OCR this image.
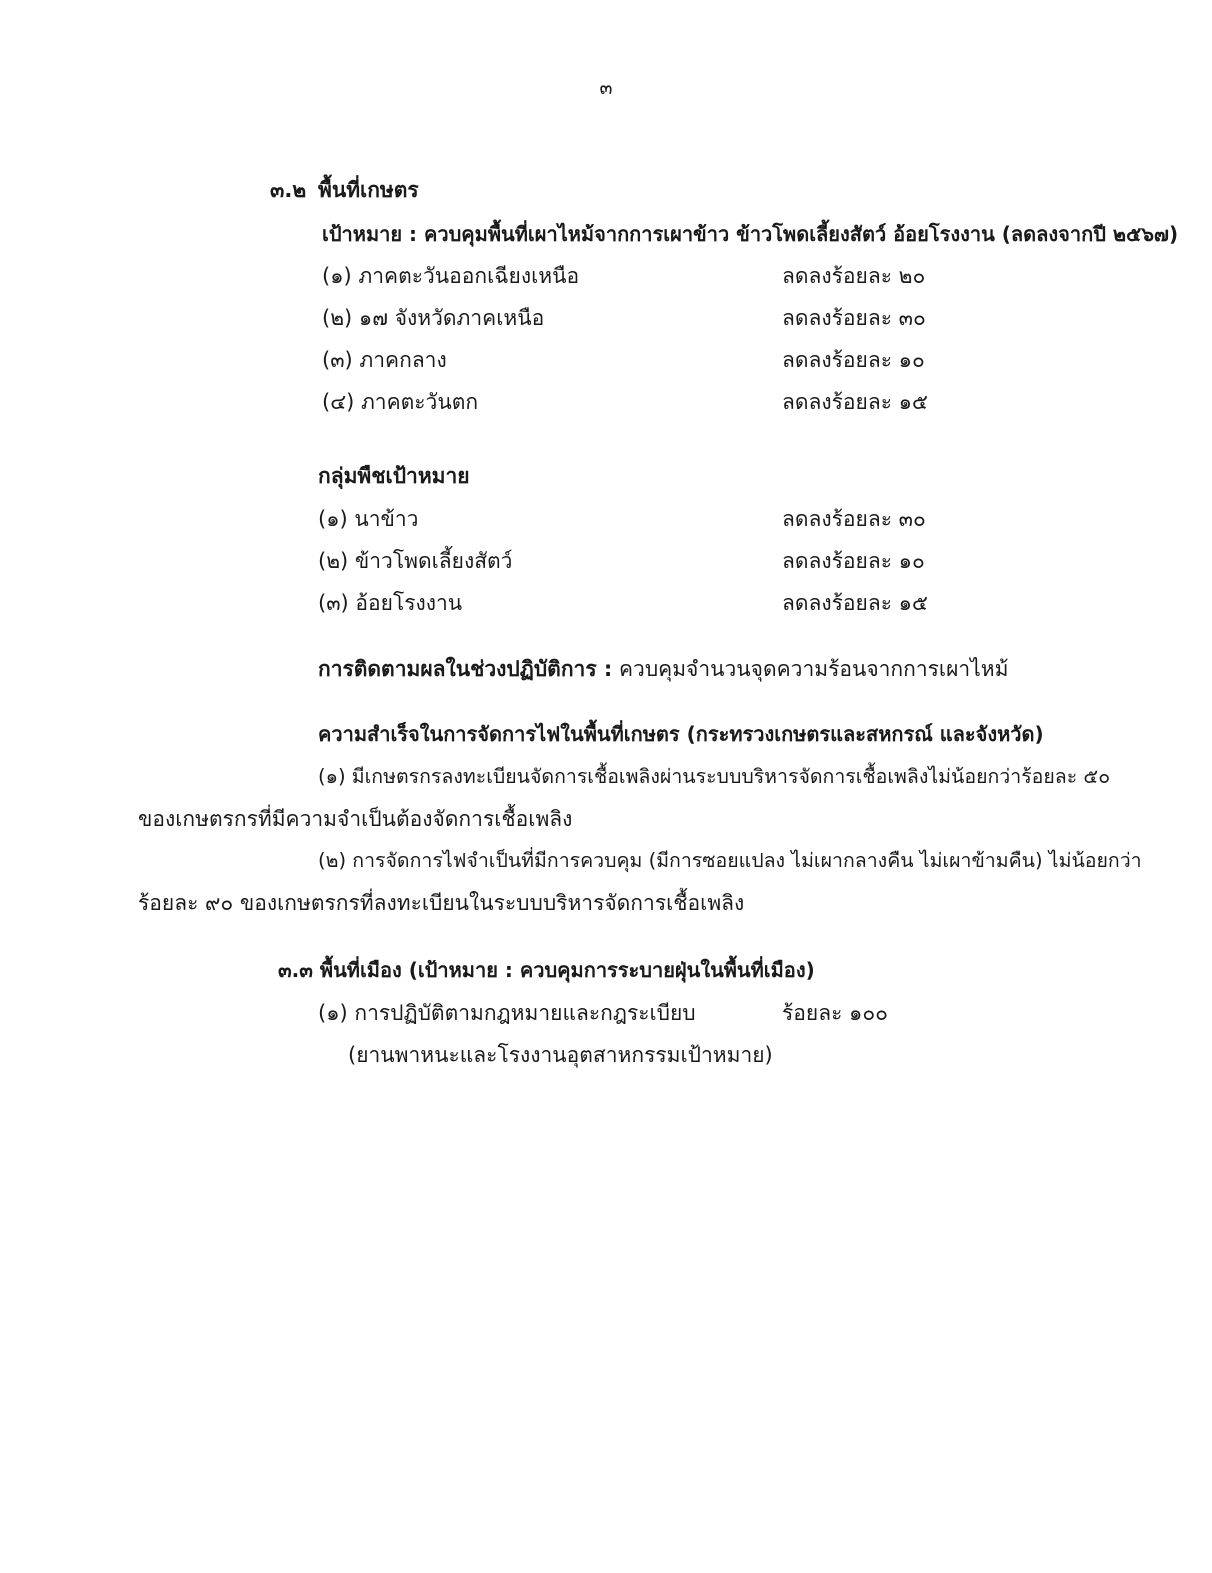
๓
๓.๒ พื้นที่เกษตร
เป้าหมาย : ควบคุมพื้นที่เผาไหม้จากการเผาข้าว ข้าวโพดเลี้ยงสัตว์ อ้อยโรงงาน (ลดลงจากปี ๒๕๖๗)
(๑) ภาคตะวันออกเฉียงเหนือ	ลดลงร้อยละ ๒๐
(๒) ๑๗ จังหวัดภาคเหนือ	ลดลงร้อยละ ๓๐
(๓) ภาคกลาง	ลดลงร้อยละ ๑๐
(๔) ภาคตะวันตก	ลดลงร้อยละ ๑๕
กลุ่มพืชเป้าหมาย
(๑) นาข้าว	ลดลงร้อยละ ๓๐
(๒) ข้าวโพดเลี้ยงสัตว์	ลดลงร้อยละ ๑๐
(๓) อ้อยโรงงาน	ลดลงร้อยละ ๑๕
การติดตามผลในช่วงปฏิบัติการ : ควบคุมจำนวนจุดความร้อนจากการเผาไหม้
ความสำเร็จในการจัดการไฟในพื้นที่เกษตร (กระทรวงเกษตรและสหกรณ์ และจังหวัด)
(๑) มีเกษตรกรลงทะเบียนจัดการเชื้อเพลิงผ่านระบบบริหารจัดการเชื้อเพลิงไม่น้อยกว่าร้อยละ ๕๐
ของเกษตรกรที่มีความจำเป็นต้องจัดการเชื้อเพลิง
(๒) การจัดการไฟจำเป็นที่มีการควบคุม (มีการซอยแปลง ไม่เผากลางคืน ไม่เผาข้ามคืน) ไม่น้อยกว่า
ร้อยละ ๙๐ ของเกษตรกรที่ลงทะเบียนในระบบบริหารจัดการเชื้อเพลิง
๓.๓ พื้นที่เมือง (เป้าหมาย : ควบคุมการระบายฝุ่นในพื้นที่เมือง)
(๑) การปฏิบัติตามกฎหมายและกฎระเบียบ	ร้อยละ ๑๐๐
(ยานพาหนะและโรงงานอุตสาหกรรมเป้าหมาย)
